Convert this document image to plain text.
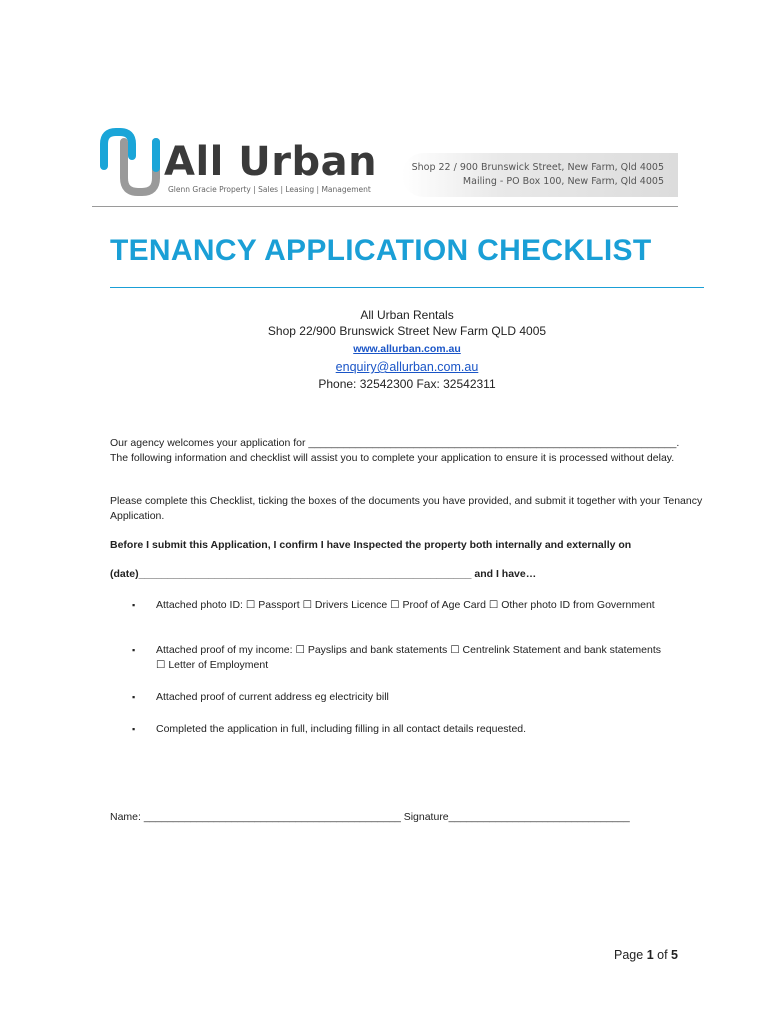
All Urban
Glenn Gracie Property | Sales | Leasing | Management
Shop 22 / 900 Brunswick Street, New Farm, Qld 4005
Mailing - PO Box 100, New Farm, Qld 4005
TENANCY APPLICATION CHECKLIST
All Urban Rentals
Shop 22/900 Brunswick Street New Farm QLD 4005
www.allurban.com.au
enquiry@allurban.com.au
Phone: 32542300 Fax: 32542311
Our agency welcomes your application for _______________________________________________________________.
The following information and checklist will assist you to complete your application to ensure it is processed without delay.
Please complete this Checklist, ticking the boxes of the documents you have provided, and submit it together with your Tenancy Application.
Before I submit this Application, I confirm I have Inspected the property both internally and externally on
(date)_________________________________________________________ and I have…
▪ Attached photo ID: ☐ Passport ☐ Drivers Licence ☐ Proof of Age Card ☐ Other photo ID from Government
▪ Attached proof of my income: ☐ Payslips and bank statements ☐ Centrelink Statement and bank statements ☐ Letter of Employment
▪ Attached proof of current address eg electricity bill
▪ Completed the application in full, including filling in all contact details requested.
Name: ____________________________________________ Signature_______________________________
Page 1 of 5
